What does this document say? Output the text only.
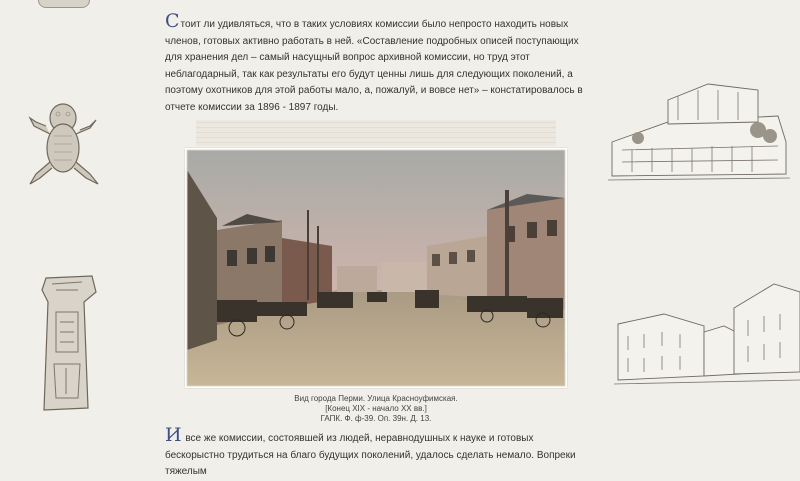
Стоит ли удивляться, что в таких условиях комиссии было непросто находить новых членов, готовых активно работать в ней. «Составление подробных описей поступающих для хранения дел – самый насущный вопрос архивной комиссии, но труд этот неблагодарный, так как результаты его будут ценны лишь для следующих поколений, а поэтому охотников для этой работы мало, а, пожалуй, и вовсе нет» – констатировалось в отчете комиссии за 1896 - 1897 годы.

Вид города Перми. Улица Красноуфимская.
[Конец XIX - начало XX вв.]
ГАПК. Ф. ф-39. Оп. 39н. Д. 13.

И все же комиссии, состоявшей из людей, неравнодушных к науке и готовых бескорыстно трудиться на благо будущих поколений, удалось сделать немало. Вопреки тяжелым
